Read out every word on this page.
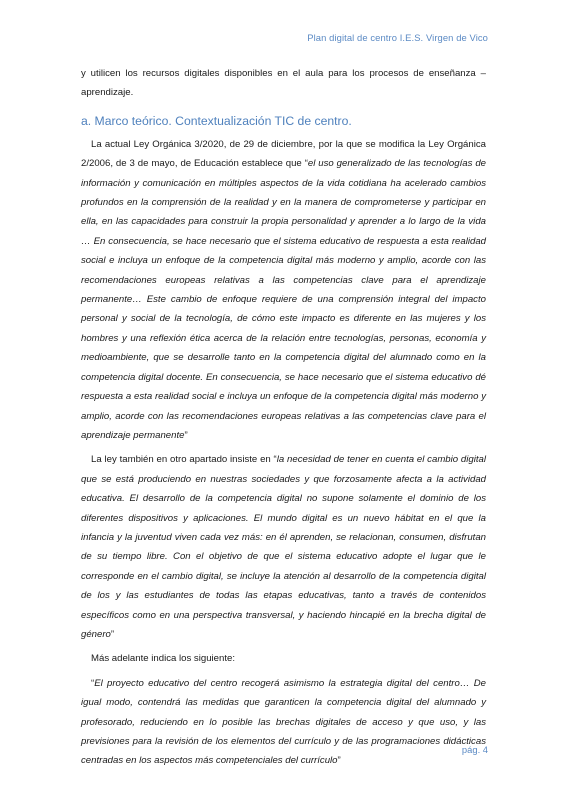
Plan digital de centro I.E.S. Virgen de Vico

y utilicen los recursos digitales disponibles en el aula para los procesos de enseñanza – aprendizaje.

a. Marco teórico. Contextualización TIC de centro.

La actual Ley Orgánica 3/2020, de 29 de diciembre, por la que se modifica la Ley Orgánica 2/2006, de 3 de mayo, de Educación establece que “el uso generalizado de las tecnologías de información y comunicación en múltiples aspectos de la vida cotidiana ha acelerado cambios profundos en la comprensión de la realidad y en la manera de comprometerse y participar en ella, en las capacidades para construir la propia personalidad y aprender a lo largo de la vida … En consecuencia, se hace necesario que el sistema educativo de respuesta a esta realidad social e incluya un enfoque de la competencia digital más moderno y amplio, acorde con las recomendaciones europeas relativas a las competencias clave para el aprendizaje permanente… Este cambio de enfoque requiere de una comprensión integral del impacto personal y social de la tecnología, de cómo este impacto es diferente en las mujeres y los hombres y una reflexión ética acerca de la relación entre tecnologías, personas, economía y medioambiente, que se desarrolle tanto en la competencia digital del alumnado como en la competencia digital docente. En consecuencia, se hace necesario que el sistema educativo dé respuesta a esta realidad social e incluya un enfoque de la competencia digital más moderno y amplio, acorde con las recomendaciones europeas relativas a las competencias clave para el aprendizaje permanente”

La ley también en otro apartado insiste en “la necesidad de tener en cuenta el cambio digital que se está produciendo en nuestras sociedades y que forzosamente afecta a la actividad educativa. El desarrollo de la competencia digital no supone solamente el dominio de los diferentes dispositivos y aplicaciones. El mundo digital es un nuevo hábitat en el que la infancia y la juventud viven cada vez más: en él aprenden, se relacionan, consumen, disfrutan de su tiempo libre. Con el objetivo de que el sistema educativo adopte el lugar que le corresponde en el cambio digital, se incluye la atención al desarrollo de la competencia digital de los y las estudiantes de todas las etapas educativas, tanto a través de contenidos específicos como en una perspectiva transversal, y haciendo hincapié en la brecha digital de género”

Más adelante indica los siguiente:

“El proyecto educativo del centro recogerá asimismo la estrategia digital del centro… De igual modo, contendrá las medidas que garanticen la competencia digital del alumnado y profesorado, reduciendo en lo posible las brechas digitales de acceso y que uso, y las previsiones para la revisión de los elementos del currículo y de las programaciones didácticas centradas en los aspectos más competenciales del currículo”

pág. 4
